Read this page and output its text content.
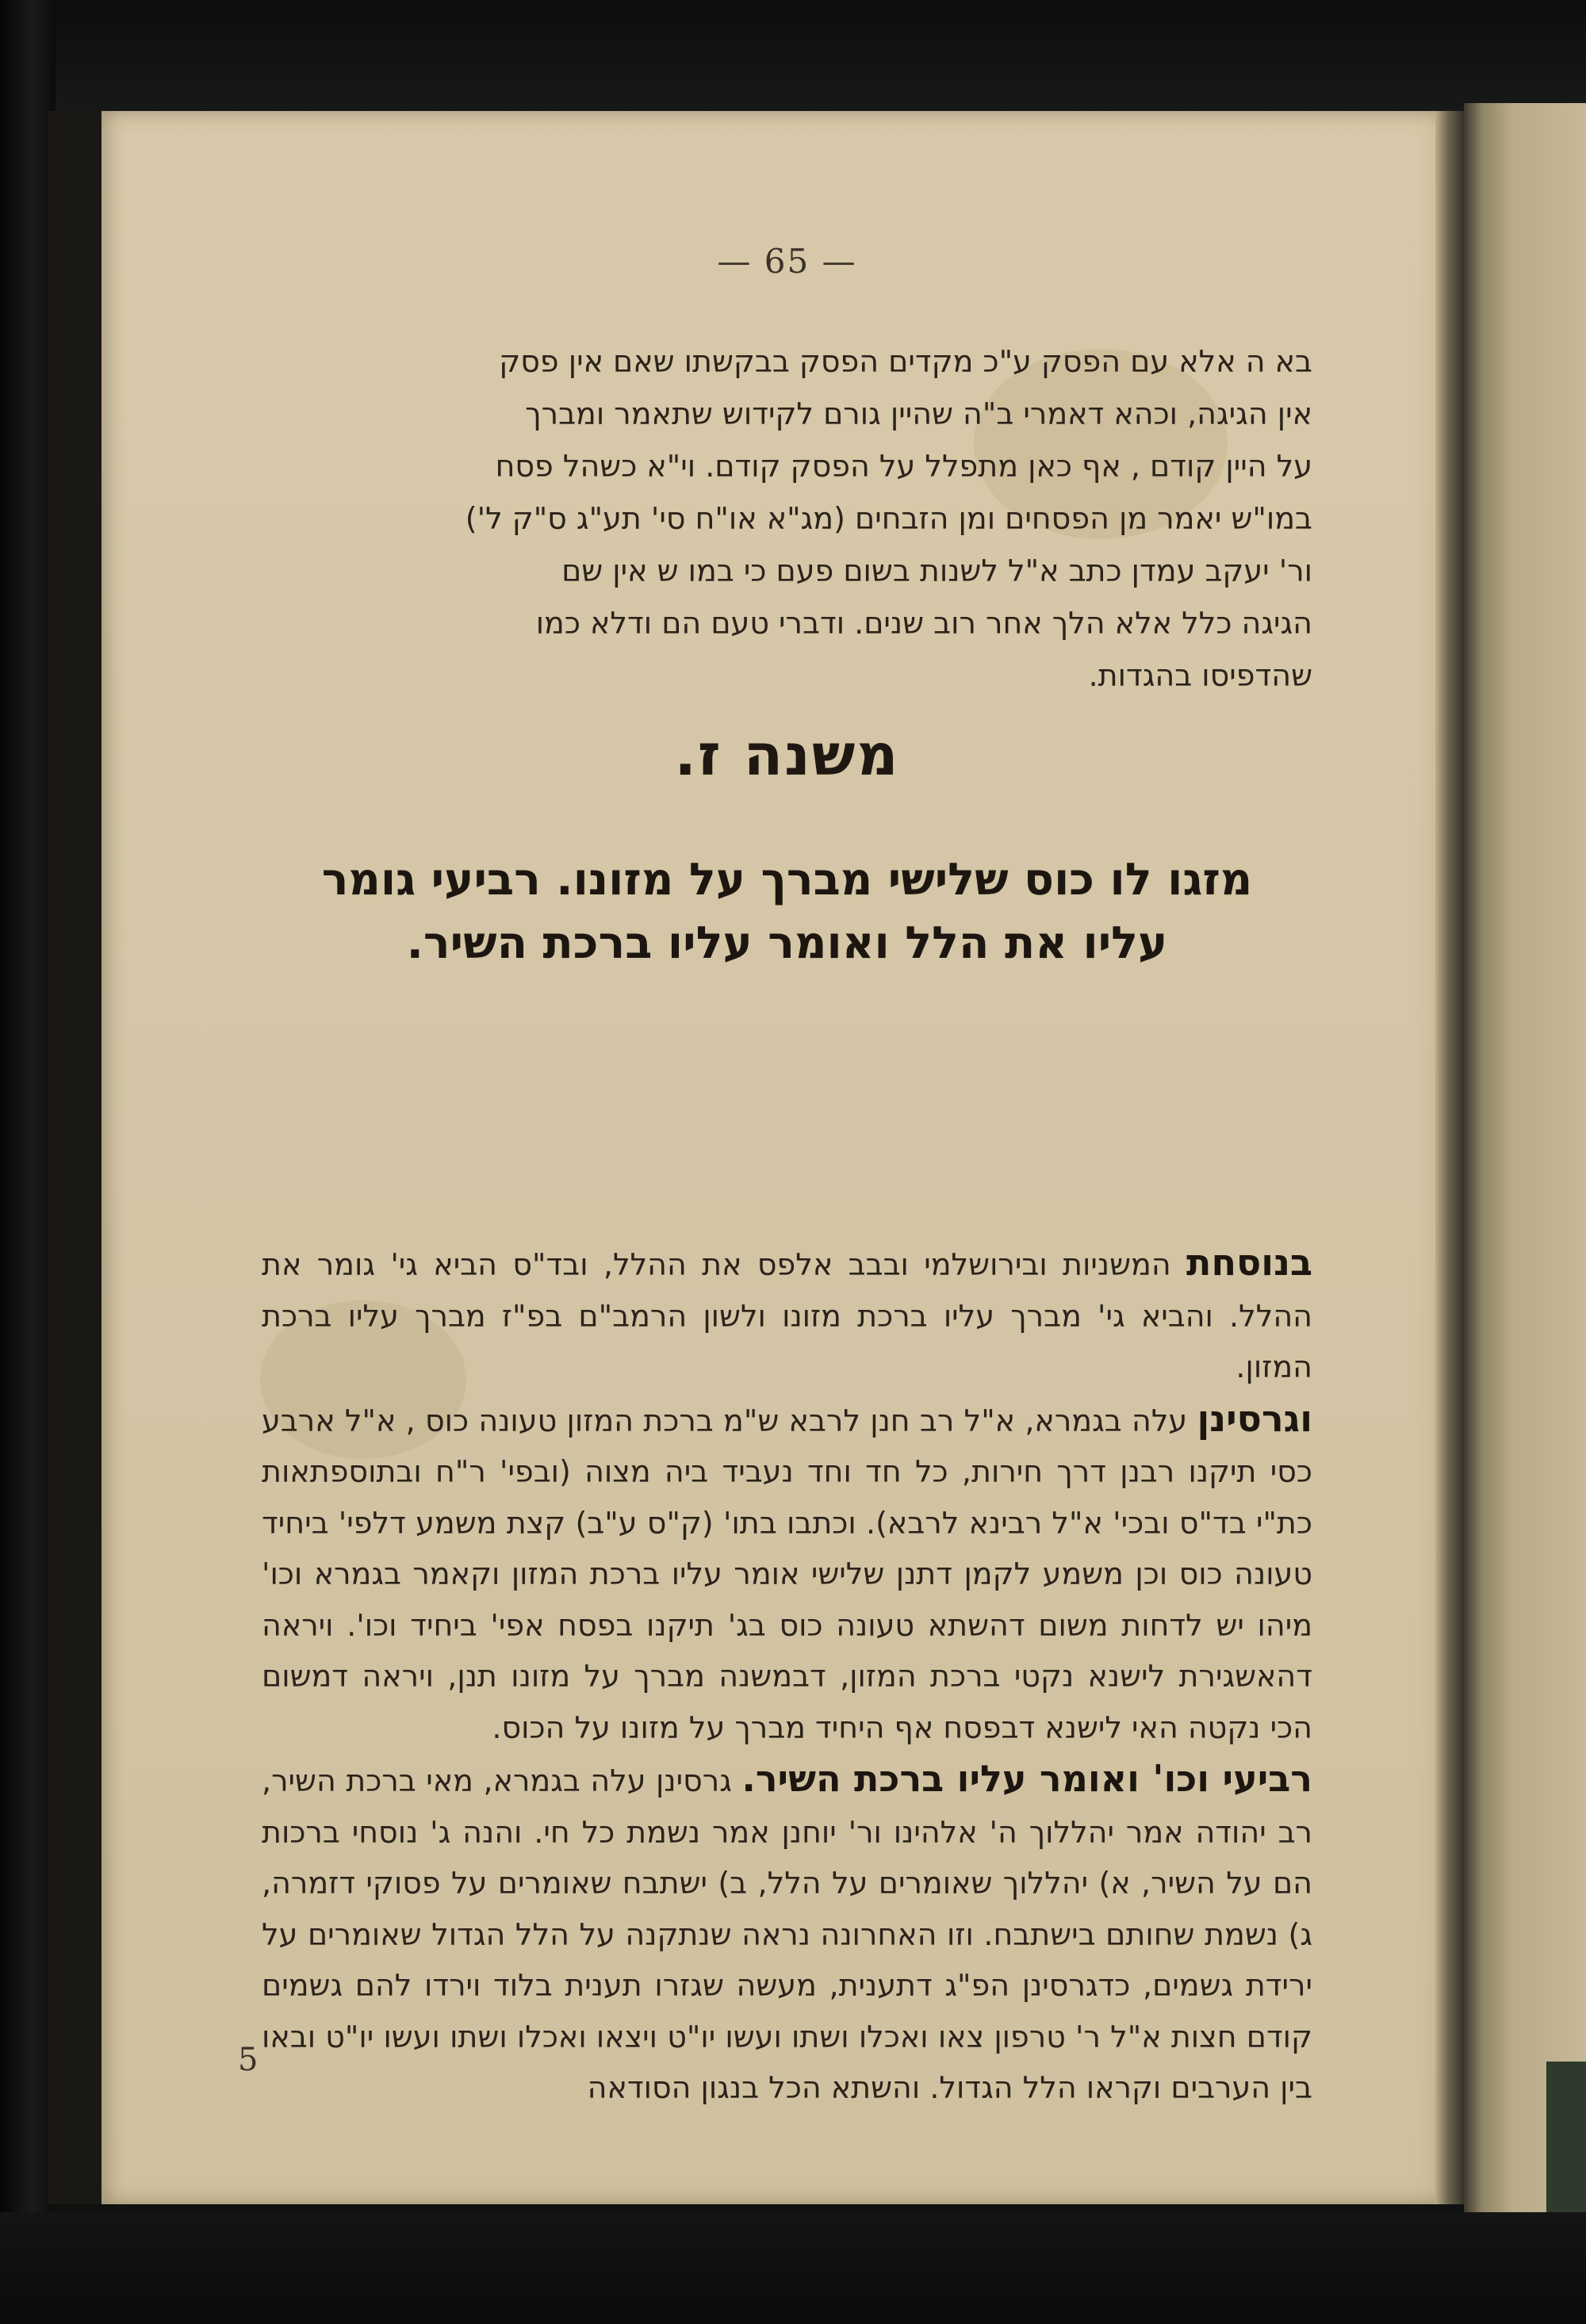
— 65 —

בא ה אלא עם הפסק ע"כ מקדים הפסק בבקשתו שאם אין פסק

אין הגיגה, וכהא דאמרי ב"ה שהיין גורם לקידוש שתאמר ומברך

על היין קודם , אף כאן מתפלל על הפסק קודם. וי"א כשהל פסח

במו"ש יאמר מן הפסחים ומן הזבחים (מג"א או"ח סי' תע"ג ס"ק ל')

ור' יעקב עמדן כתב א"ל לשנות בשום פעם כי במו ש אין שם

הגיגה כלל אלא הלך אחר רוב שנים. ודברי טעם הם ודלא כמו

שהדפיסו בהגדות.

משנה ז.
מזגו לו כוס שלישי מברך על מזונו. רביעי גומר
עליו את הלל ואומר עליו ברכת השיר.

בנוסחת המשניות ובירושלמי ובבב אלפס את ההלל, ובד"ס הביא גי' גומר את ההלל. והביא גי' מברך עליו ברכת מזונו ולשון הרמב"ם בפ"ז מברך עליו ברכת המזון.

וגרסינן עלה בגמרא, א"ל רב חנן לרבא ש"מ ברכת המזון טעונה כוס , א"ל ארבע כסי תיקנו רבנן דרך חירות, כל חד וחד נעביד ביה מצוה (ובפי' ר"ח ובתוספתאות כת"י בד"ס ובכי' א"ל רבינא לרבא). וכתבו בתו' (ק"ס ע"ב) קצת משמע דלפי' ביחיד טעונה כוס וכן משמע לקמן דתנן שלישי אומר עליו ברכת המזון וקאמר בגמרא וכו' מיהו יש לדחות משום דהשתא טעונה כוס בג' תיקנו בפסח אפי' ביחיד וכו'. ויראה דהאשגירת לישנא נקטי ברכת המזון, דבמשנה מברך על מזונו תנן, ויראה דמשום הכי נקטה האי לישנא דבפסח אף היחיד מברך על מזונו על הכוס.

רביעי וכו' ואומר עליו ברכת השיר. גרסינן עלה בגמרא, מאי ברכת השיר, רב יהודה אמר יהללוך ה' אלהינו ור' יוחנן אמר נשמת כל חי. והנה ג' נוסחי ברכות הם על השיר, א) יהללוך שאומרים על הלל, ב) ישתבח שאומרים על פסוקי דזמרה, ג) נשמת שחותם בישתבח. וזו האחרונה נראה שנתקנה על הלל הגדול שאומרים על ירידת גשמים, כדגרסינן הפ"ג דתענית, מעשה שגזרו תענית בלוד וירדו להם גשמים קודם חצות א"ל ר' טרפון צאו ואכלו ושתו ועשו יו"ט ויצאו ואכלו ושתו ועשו יו"ט ובאו בין הערבים וקראו הלל הגדול. והשתא הכל בנגון הסודאה

5
